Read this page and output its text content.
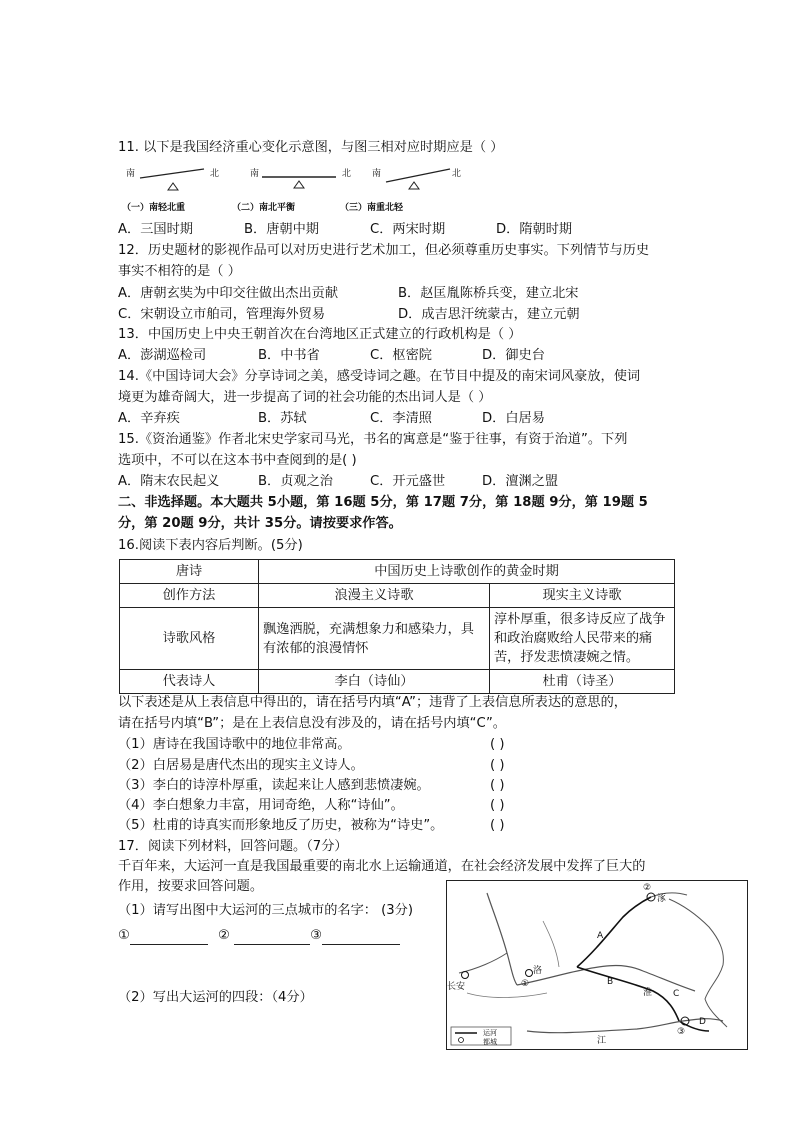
11. 以下是我国经济重心变化示意图，与图三相对应时期应是（ ）
南	北	南	北 南	北
（一）南轻北重	（二）南北平衡	（三）南重北轻
A．三国时期	B．唐朝中期	C．两宋时期	D．隋朝时期
12．历史题材的影视作品可以对历史进行艺术加工，但必须尊重历史事实。下列情节与历史
事实不相符的是（ ）
A．唐朝玄奘为中印交往做出杰出贡献	B．赵匡胤陈桥兵变，建立北宋
C．宋朝设立市舶司，管理海外贸易	D．成吉思汗统蒙古，建立元朝
13．中国历史上中央王朝首次在台湾地区正式建立的行政机构是（ ）
A．澎湖巡检司	B．中书省	C．枢密院	D．御史台
14.《中国诗词大会》分享诗词之美，感受诗词之趣。在节目中提及的南宋词风豪放，使词
境更为雄奇阔大，进一步提高了词的社会功能的杰出词人是（ ）
A．辛弃疾	B．苏轼	C．李清照	D．白居易
15.《资治通鉴》作者北宋史学家司马光，书名的寓意是“鉴于往事，有资于治道”。下列
选项中，不可以在这本书中查阅到的是( )
A．隋末农民起义	B．贞观之治	C．开元盛世	D．澶渊之盟
二、非选择题。本大题共 5小题，第 16题 5分，第 17题 7分，第 18题 9分，第 19题 5
分，第 20题 9分，共计 35分。请按要求作答。
16.阅读下表内容后判断。(5分)
唐诗	中国历史上诗歌创作的黄金时期	
创作方法	浪漫主义诗歌	现实主义诗歌
诗歌风格	飘逸洒脱，充满想象力和感染力，具有浓郁的浪漫情怀	淳朴厚重，很多诗反应了战争和政治腐败给人民带来的痛苦，抒发悲愤凄婉之情。
代表诗人	李白（诗仙）	杜甫（诗圣）
以下表述是从上表信息中得出的，请在括号内填“A”；违背了上表信息所表达的意思的，
请在括号内填“B”；是在上表信息没有涉及的，请在括号内填“C”。
（1）唐诗在我国诗歌中的地位非常高。	( )
（2）白居易是唐代杰出的现实主义诗人。	( )
（3）李白的诗淳朴厚重，读起来让人感到悲愤凄婉。	( )
（4）李白想象力丰富，用词奇绝，人称“诗仙”。	( )
（5）杜甫的诗真实而形象地反了历史，被称为“诗史”。	( )
17．阅读下列材料，回答问题。（7分）
千百年来，大运河一直是我国最重要的南北水上运输通道，在社会经济发展中发挥了巨大的
作用，按要求回答问题。
（1）请写出图中大运河的三点城市的名字： (3分)
①	②	③
（2）写出大运河的四段：（4分）
长安
涿
洛
A
B
C
D
①
②
③
淮
江
运河
都城
